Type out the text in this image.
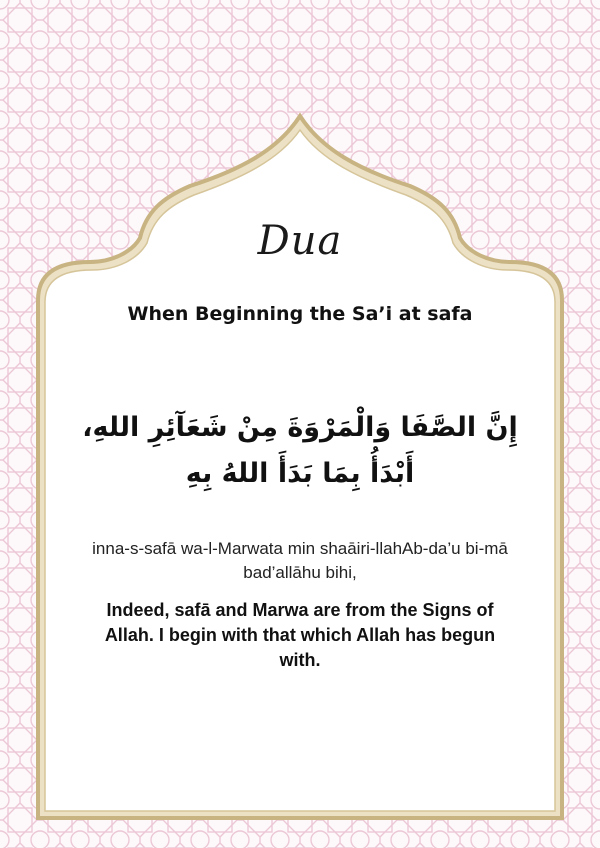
Dua
When Beginning the Sa’i at safa
إِنَّ الصَّفَا وَالْمَرْوَةَ مِنْ شَعَآئِرِ اللهِ،
أَبْدَأُ بِمَا بَدَأَ اللهُ بِهِ
inna-s-safā wa-l-Marwata min shaāiri-llahAb-da’u bi-mā bad’allāhu bihi,
Indeed, safā and Marwa are from the Signs of Allah. I begin with that which Allah has begun with.
